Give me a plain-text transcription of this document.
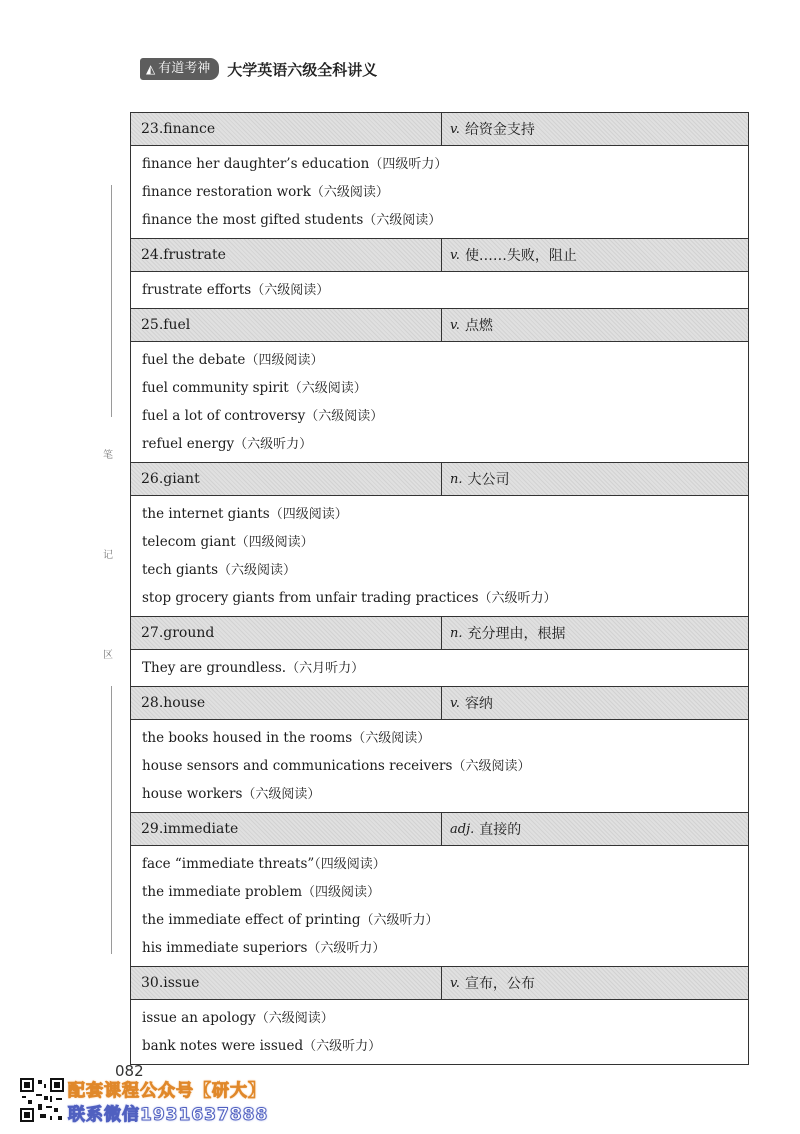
◭ 有道考神 大学英语六级全科讲义
笔
记
区
23.finance	v. 给资金支持
finance her daughter’s education（四级听力）
finance restoration work（六级阅读）
finance the most gifted students（六级阅读）
24.frustrate	v. 使……失败，阻止
frustrate efforts（六级阅读）
25.fuel	v. 点燃
fuel the debate（四级阅读）
fuel community spirit（六级阅读）
fuel a lot of controversy（六级阅读）
refuel energy（六级听力）
26.giant	n. 大公司
the internet giants（四级阅读）
telecom giant（四级阅读）
tech giants（六级阅读）
stop grocery giants from unfair trading practices（六级听力）
27.ground	n. 充分理由，根据
They are groundless.（六月听力）
28.house	v. 容纳
the books housed in the rooms（六级阅读）
house sensors and communications receivers（六级阅读）
house workers（六级阅读）
29.immediate	adj. 直接的
face “immediate threats”（四级阅读）
the immediate problem（四级阅读）
the immediate effect of printing（六级听力）
his immediate superiors（六级听力）
30.issue	v. 宣布，公布
issue an apology（六级阅读）
bank notes were issued（六级听力）
082
配套课程公众号【研大】
联系微信1931637888
